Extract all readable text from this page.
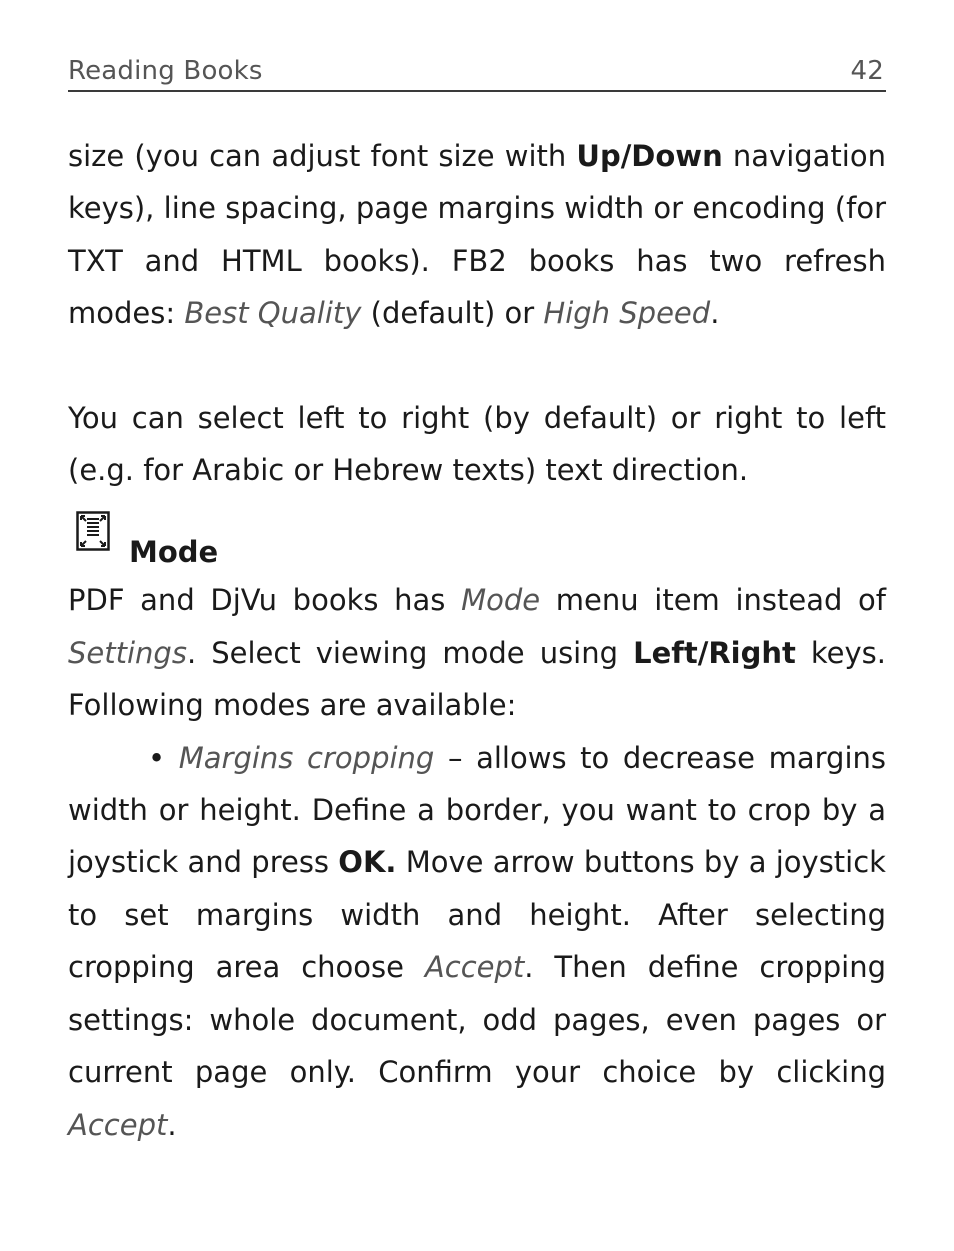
Reading Books	42

size (you can adjust font size with Up/Down navigation keys), line spacing, page margins width or encoding (for TXT and HTML books). FB2 books has two refresh modes: Best Quality (default) or High Speed.

You can select left to right (by default) or right to left (e.g. for Arabic or Hebrew texts) text direction.

Mode

PDF and DjVu books has Mode menu item instead of Settings. Select viewing mode using Left/Right keys. Following modes are available:

• Margins cropping – allows to decrease margins width or height. Define a border, you want to crop by a joystick and press OK. Move arrow buttons by a joystick to set margins width and height. After selecting cropping area choose Accept. Then define cropping settings: whole document, odd pages, even pages or current page only. Confirm your choice by clicking Accept.
